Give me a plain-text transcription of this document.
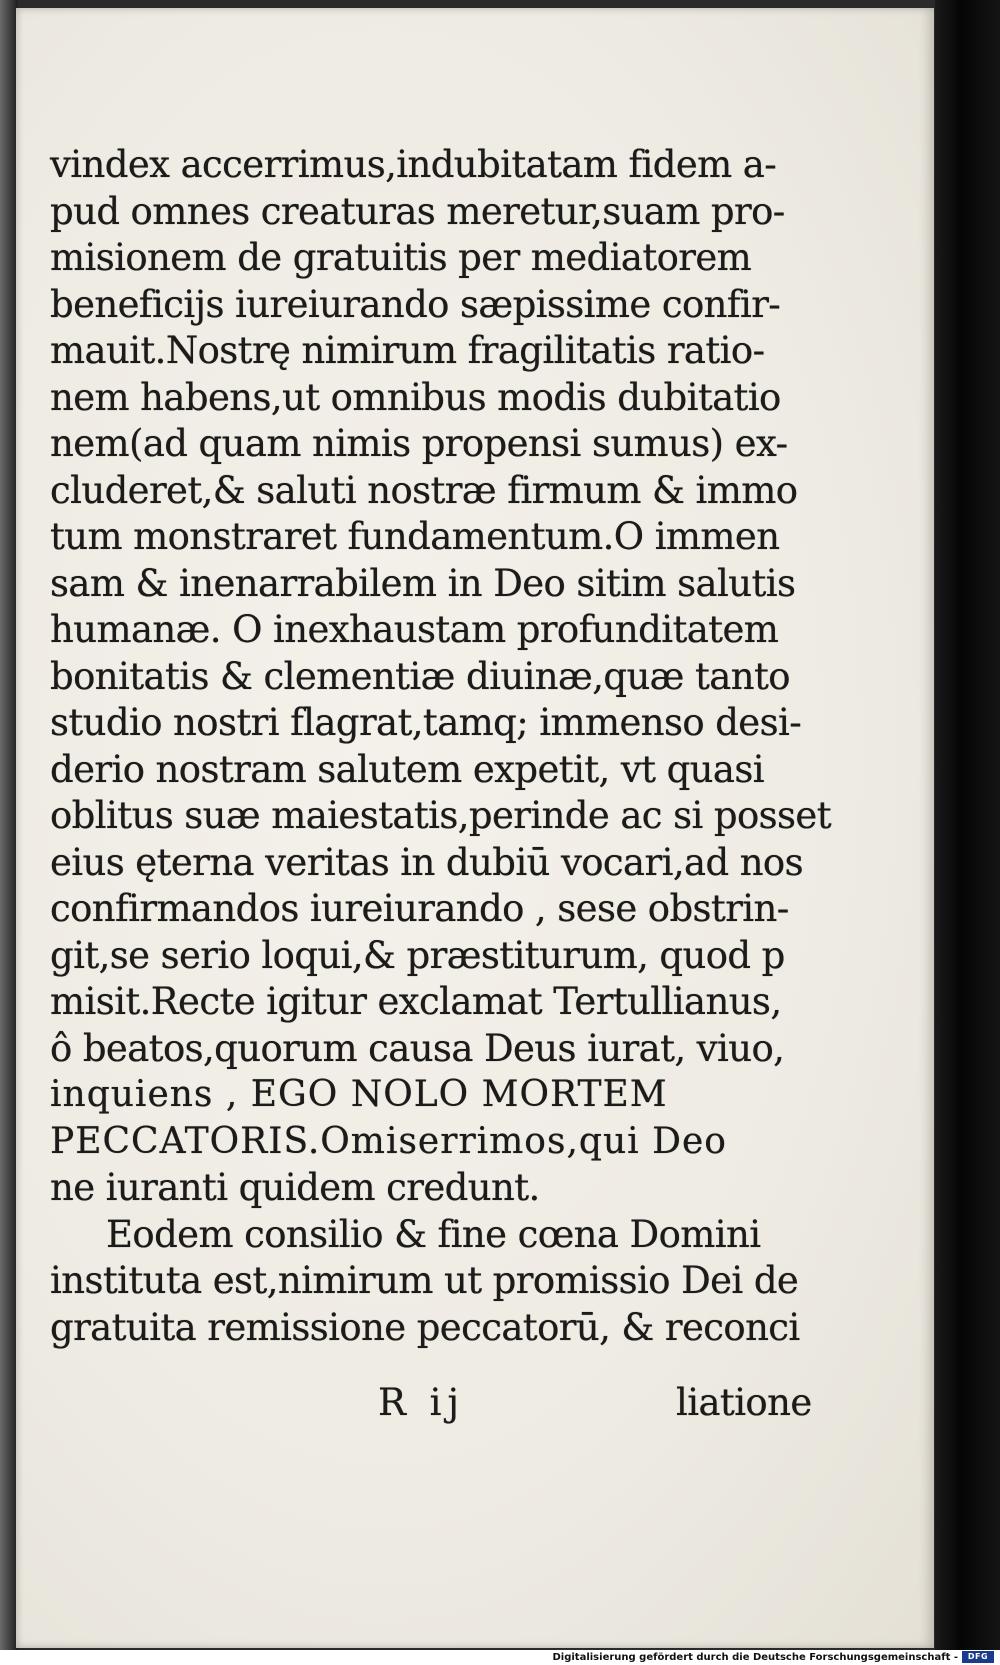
vindex accerrimus,indubitatam fidem a-
pud omnes creaturas meretur,suam pro-
misionem de gratuitis per mediatorem
beneficijs iureiurando sæpissime confir-
mauit.Nostrę nimirum fragilitatis ratio-
nem habens,ut omnibus modis dubitatio
nem(ad quam nimis propensi sumus) ex-
cluderet,& saluti nostræ firmum & immo
tum monstraret fundamentum.O immen
sam & inenarrabilem in Deo sitim salutis
humanæ. O inexhaustam profunditatem
bonitatis & clementiæ diuinæ,quæ tanto
studio nostri flagrat,tamq; immenso desi-
derio nostram salutem expetit, vt quasi
oblitus suæ maiestatis,perinde ac si posset
eius ęterna veritas in dubiū vocari,ad nos
confirmandos iureiurando , sese obstrin-
git,se serio loqui,& præstiturum, quod p
misit.Recte igitur exclamat Tertullianus,
ô beatos,quorum causa Deus iurat, viuo,
inquiens , EGO NOLO MORTEM
PECCATORIS.Omiserrimos,qui Deo
ne iuranti quidem credunt.
Eodem consilio & fine cœna Domini
instituta est,nimirum ut promissio Dei de
gratuita remissione peccatorū, & reconci
R ij	liatione
Digitalisierung gefördert durch die Deutsche Forschungsgemeinschaft -	DFG
